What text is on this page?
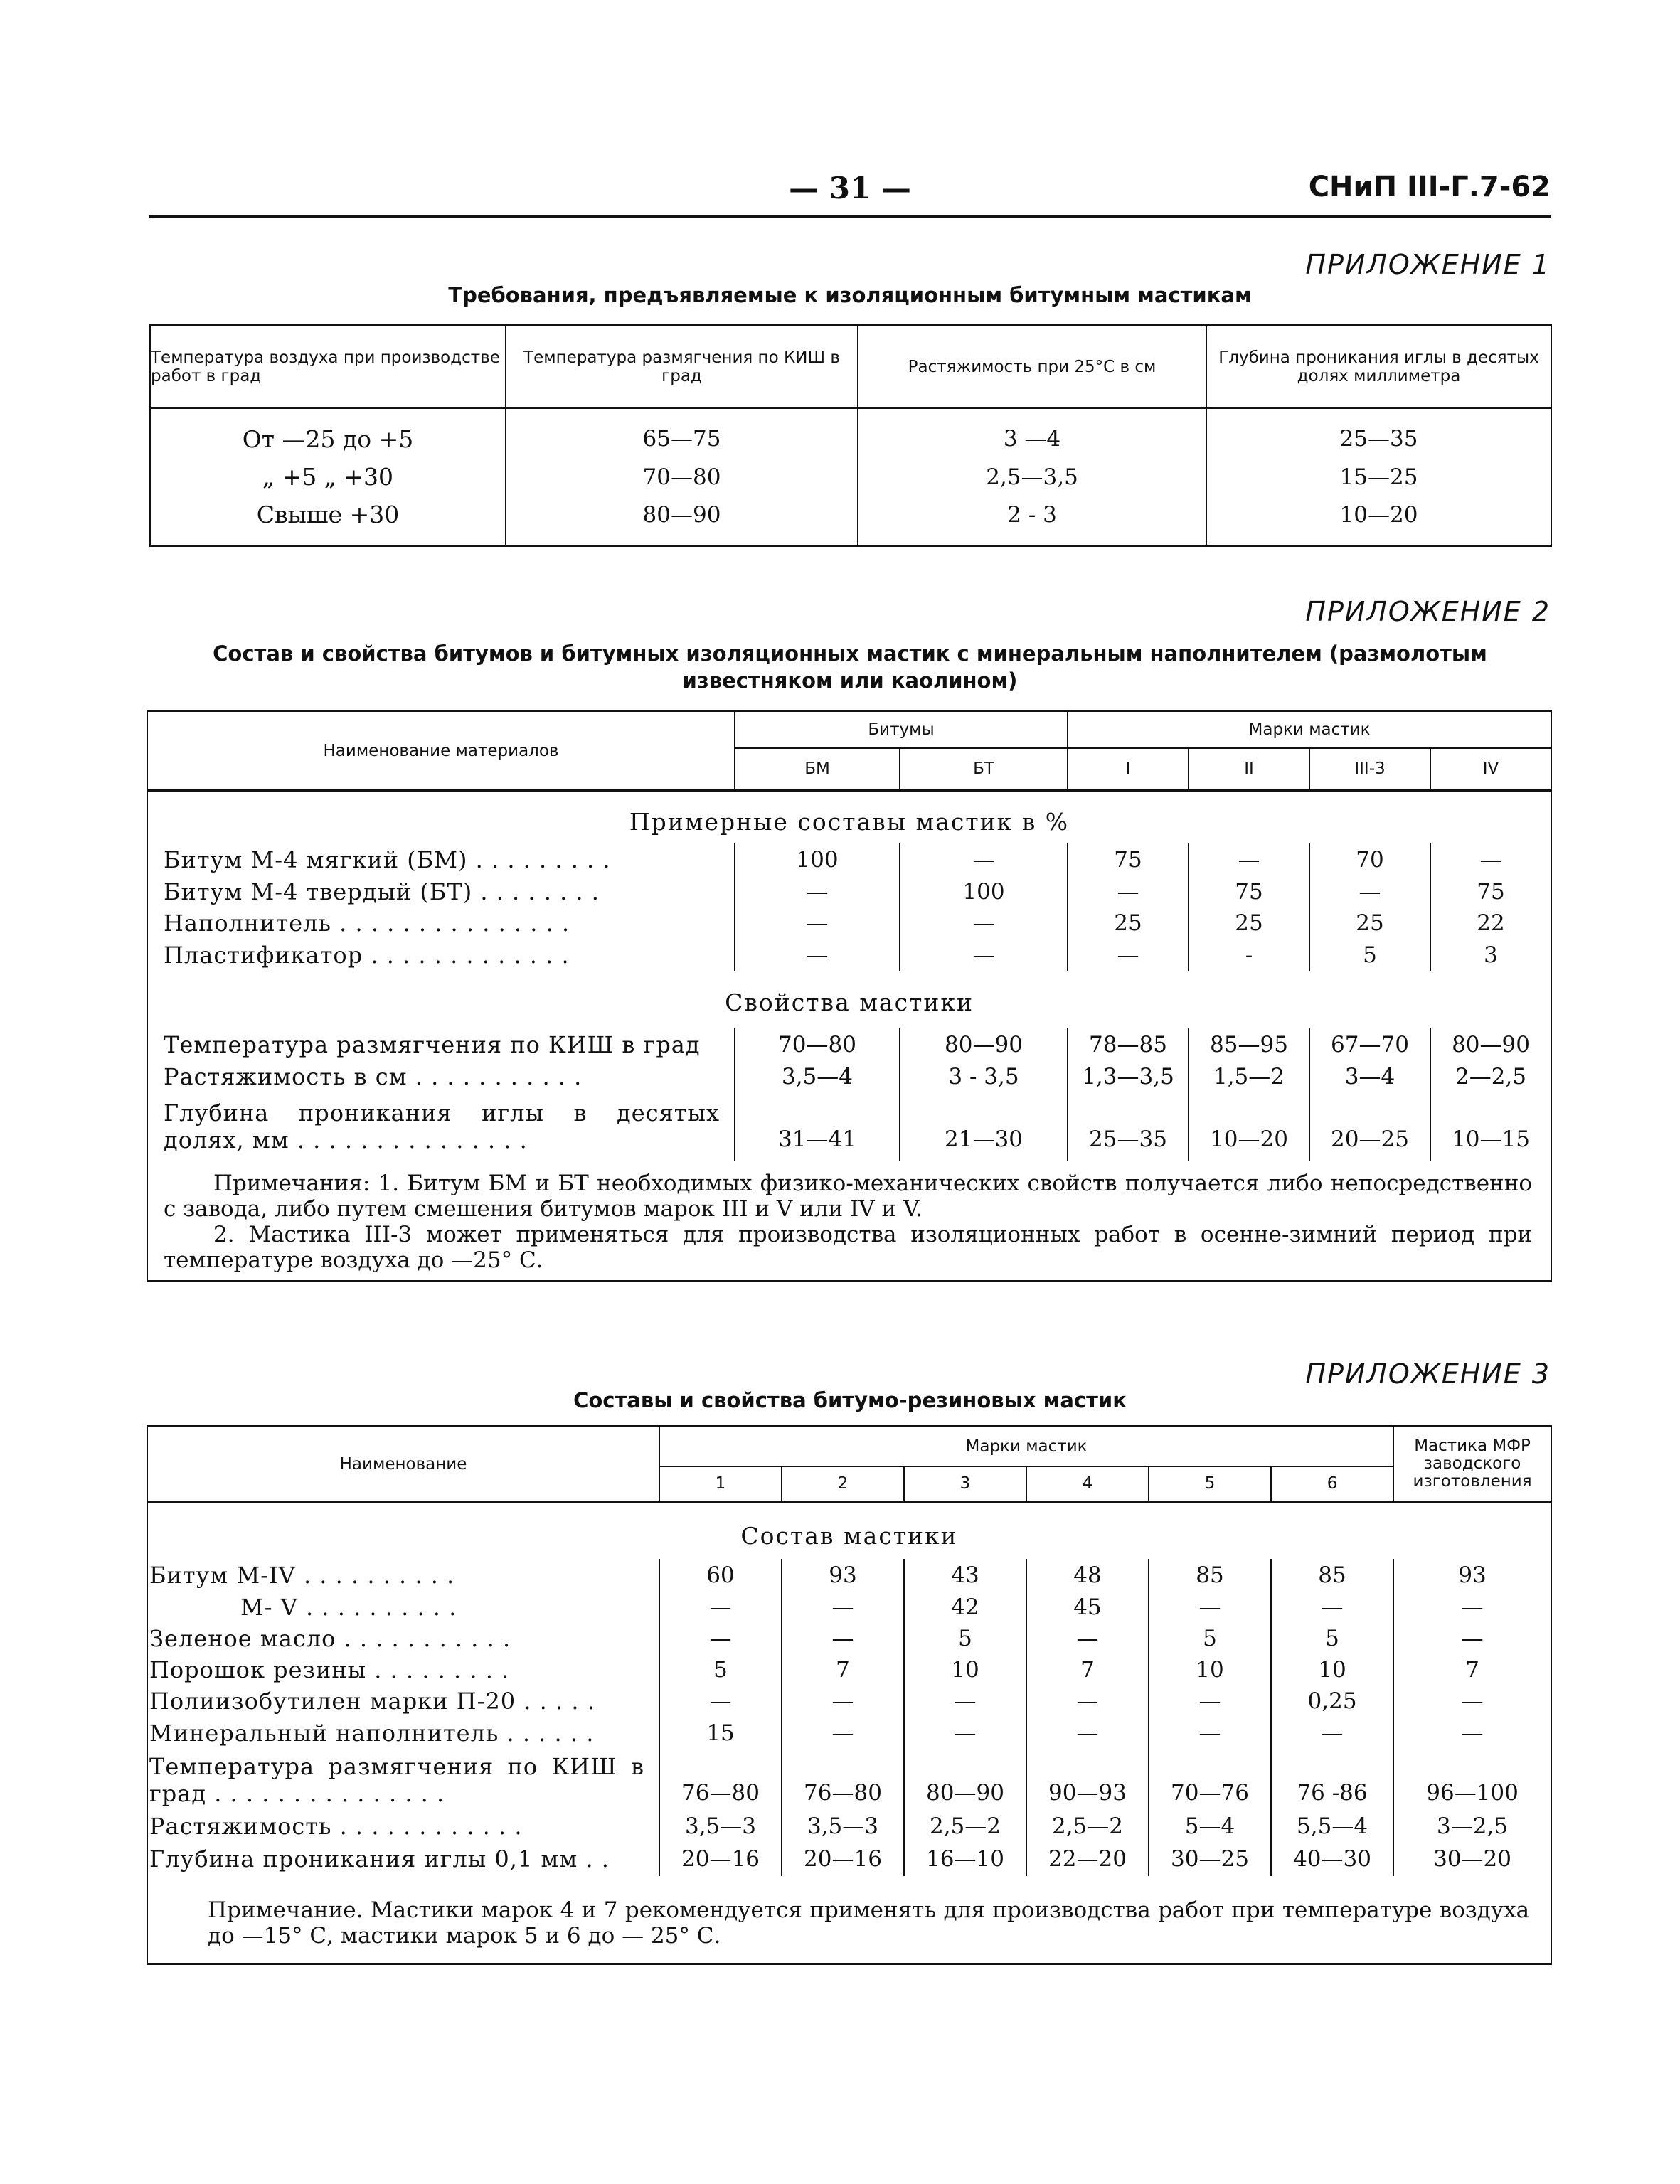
— 31 —	СНиП III-Г.7-62
ПРИЛОЖЕНИЕ 1
Требования, предъявляемые к изоляционным битумным мастикам
Температура воздуха при производстве работ в град	Температура размягчения по КИШ в град	Растяжимость при 25°С в см	Глубина проникания иглы в десятых долях миллиметра
От —25 до +5	65—75	3 —4	25—35
„ +5 „ +30	70—80	2,5—3,5	15—25
Свыше +30	80—90	2 - 3	10—20
ПРИЛОЖЕНИЕ 2
Состав и свойства битумов и битумных изоляционных мастик с минеральным наполнителем (размолотым известняком или каолином)
Наименование материалов	Битумы		Марки мастик			
	БМ	БТ	I	II	III-3	IV
Примерные составы мастик в %						
Битум М-4 мягкий (БМ) . . . . . . . . .	100	—	75	—	70	—
Битум М-4 твердый (БТ) . . . . . . . .	—	100	—	75	—	75
Наполнитель . . . . . . . . . . . . . . .	—	—	25	25	25	22
Пластификатор . . . . . . . . . . . . .	—	—	—	-	5	3
Свойства мастики						
Температура размягчения по КИШ в град	70—80	80—90	78—85	85—95	67—70	80—90
Растяжимость в см . . . . . . . . . . .	3,5—4	3 - 3,5	1,3—3,5	1,5—2	3—4	2—2,5
Глубина проникания иглы в десятых долях, мм . . . . . . . . . . . . . . .	31—41	21—30	25—35	10—20	20—25	10—15

Примечания: 1. Битум БМ и БТ необходимых физико-механических свойств получается либо непосредственно с завода, либо путем смешения битумов марок III и V или IV и V.
2. Мастика III-3 может применяться для производства изоляционных работ в осенне-зимний период при температуре воздуха до —25° С.						
ПРИЛОЖЕНИЕ 3
Составы и свойства битумо-резиновых мастик
Наименование	Марки мастик						Мастика МФР заводского изготовления
	1	2	3	4	5	6	
Состав мастики							
Битум М-IV . . . . . . . . . .	60	93	43	48	85	85	93
М- V . . . . . . . . . .	—	—	42	45	—	—	—
Зеленое масло . . . . . . . . . . .	—	—	5	—	5	5	—
Порошок резины . . . . . . . . .	5	7	10	7	10	10	7
Полиизобутилен марки П-20 . . . . .	—	—	—	—	—	0,25	—
Минеральный наполнитель . . . . . .	15	—	—	—	—	—	—
Температура размягчения по КИШ в град . . . . . . . . . . . . . . .	76—80	76—80	80—90	90—93	70—76	76 -86	96—100
Растяжимость . . . . . . . . . . . .	3,5—3	3,5—3	2,5—2	2,5—2	5—4	5,5—4	3—2,5
Глубина проникания иглы 0,1 мм . .	20—16	20—16	16—10	22—20	30—25	40—30	30—20

Примечание. Мастики марок 4 и 7 рекомендуется применять для производства работ при температуре воздуха до —15° С, мастики марок 5 и 6 до — 25° С.							
